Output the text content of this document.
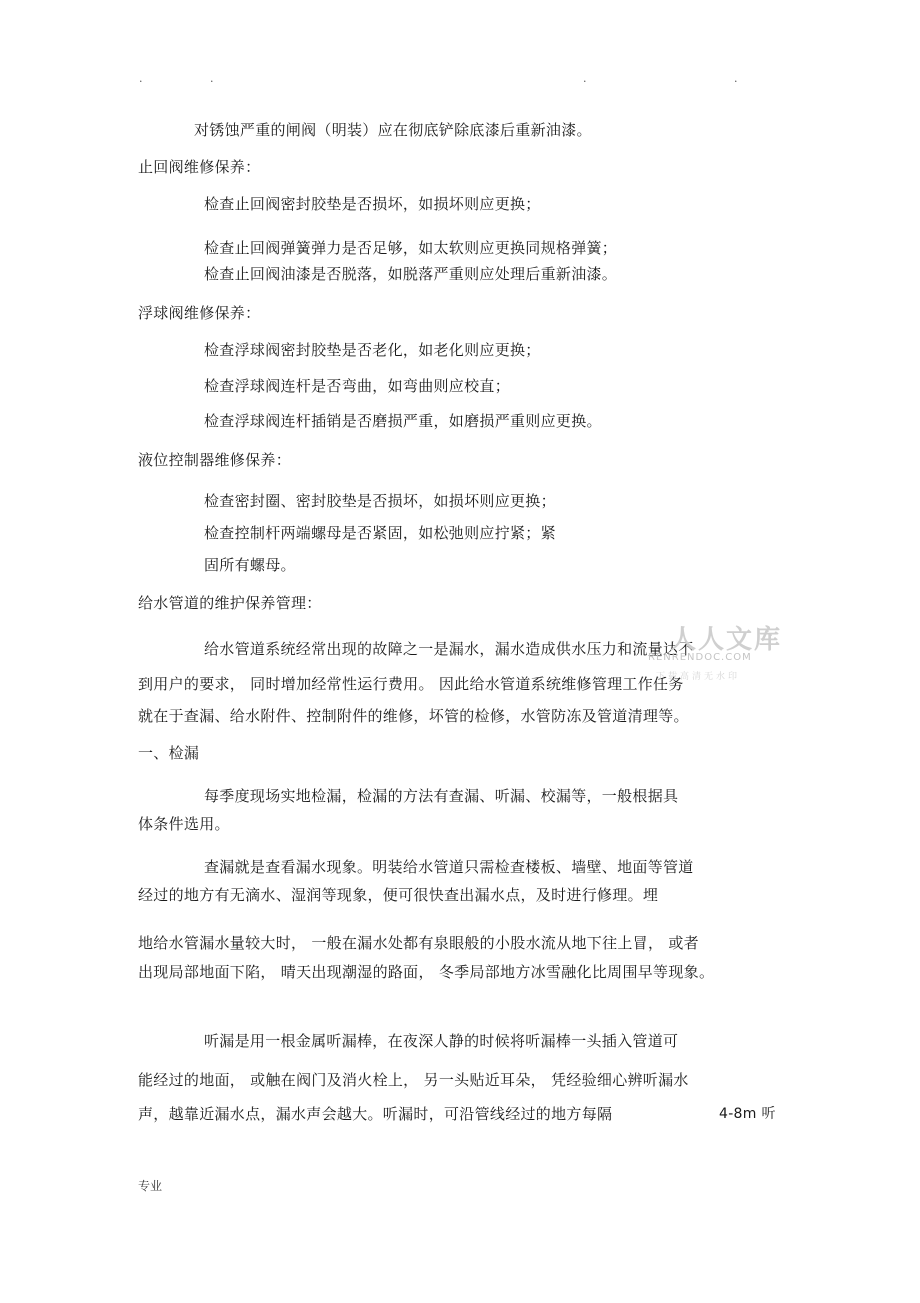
.	.	.	.
对锈蚀严重的闸阀（明装）应在彻底铲除底漆后重新油漆。
止回阀维修保养：
检查止回阀密封胶垫是否损坏，如损坏则应更换；
检查止回阀弹簧弹力是否足够，如太软则应更换同规格弹簧；
检查止回阀油漆是否脱落，如脱落严重则应处理后重新油漆。
浮球阀维修保养：
检查浮球阀密封胶垫是否老化，如老化则应更换；
检查浮球阀连杆是否弯曲，如弯曲则应校直；
检查浮球阀连杆插销是否磨损严重，如磨损严重则应更换。
液位控制器维修保养：
检查密封圈、密封胶垫是否损坏，如损坏则应更换；
检查控制杆两端螺母是否紧固，如松弛则应拧紧；紧
固所有螺母。
给水管道的维护保养管理：
给水管道系统经常出现的故障之一是漏水，漏水造成供水压力和流量达不
到用户的要求， 同时增加经常性运行费用。 因此给水管道系统维修管理工作任务
就在于查漏、给水附件、控制附件的维修，坏管的检修，水管防冻及管道清理等。
一、检漏
每季度现场实地检漏，检漏的方法有查漏、听漏、校漏等，一般根据具
体条件选用。
查漏就是查看漏水现象。明装给水管道只需检查楼板、墙壁、地面等管道
经过的地方有无滴水、湿润等现象，便可很快查出漏水点，及时进行修理。埋
地给水管漏水量较大时， 一般在漏水处都有泉眼般的小股水流从地下往上冒， 或者
出现局部地面下陷， 晴天出现潮湿的路面， 冬季局部地方冰雪融化比周围早等现象。
听漏是用一根金属听漏棒，在夜深人静的时候将听漏棒一头插入管道可
能经过的地面， 或触在阀门及消火栓上， 另一头贴近耳朵， 凭经验细心辨听漏水
声，越靠近漏水点，漏水声会越大。听漏时，可沿管线经过的地方每隔	4-8m 听
人人文库
RENRENDOC.COM
下载高清无水印
专业
